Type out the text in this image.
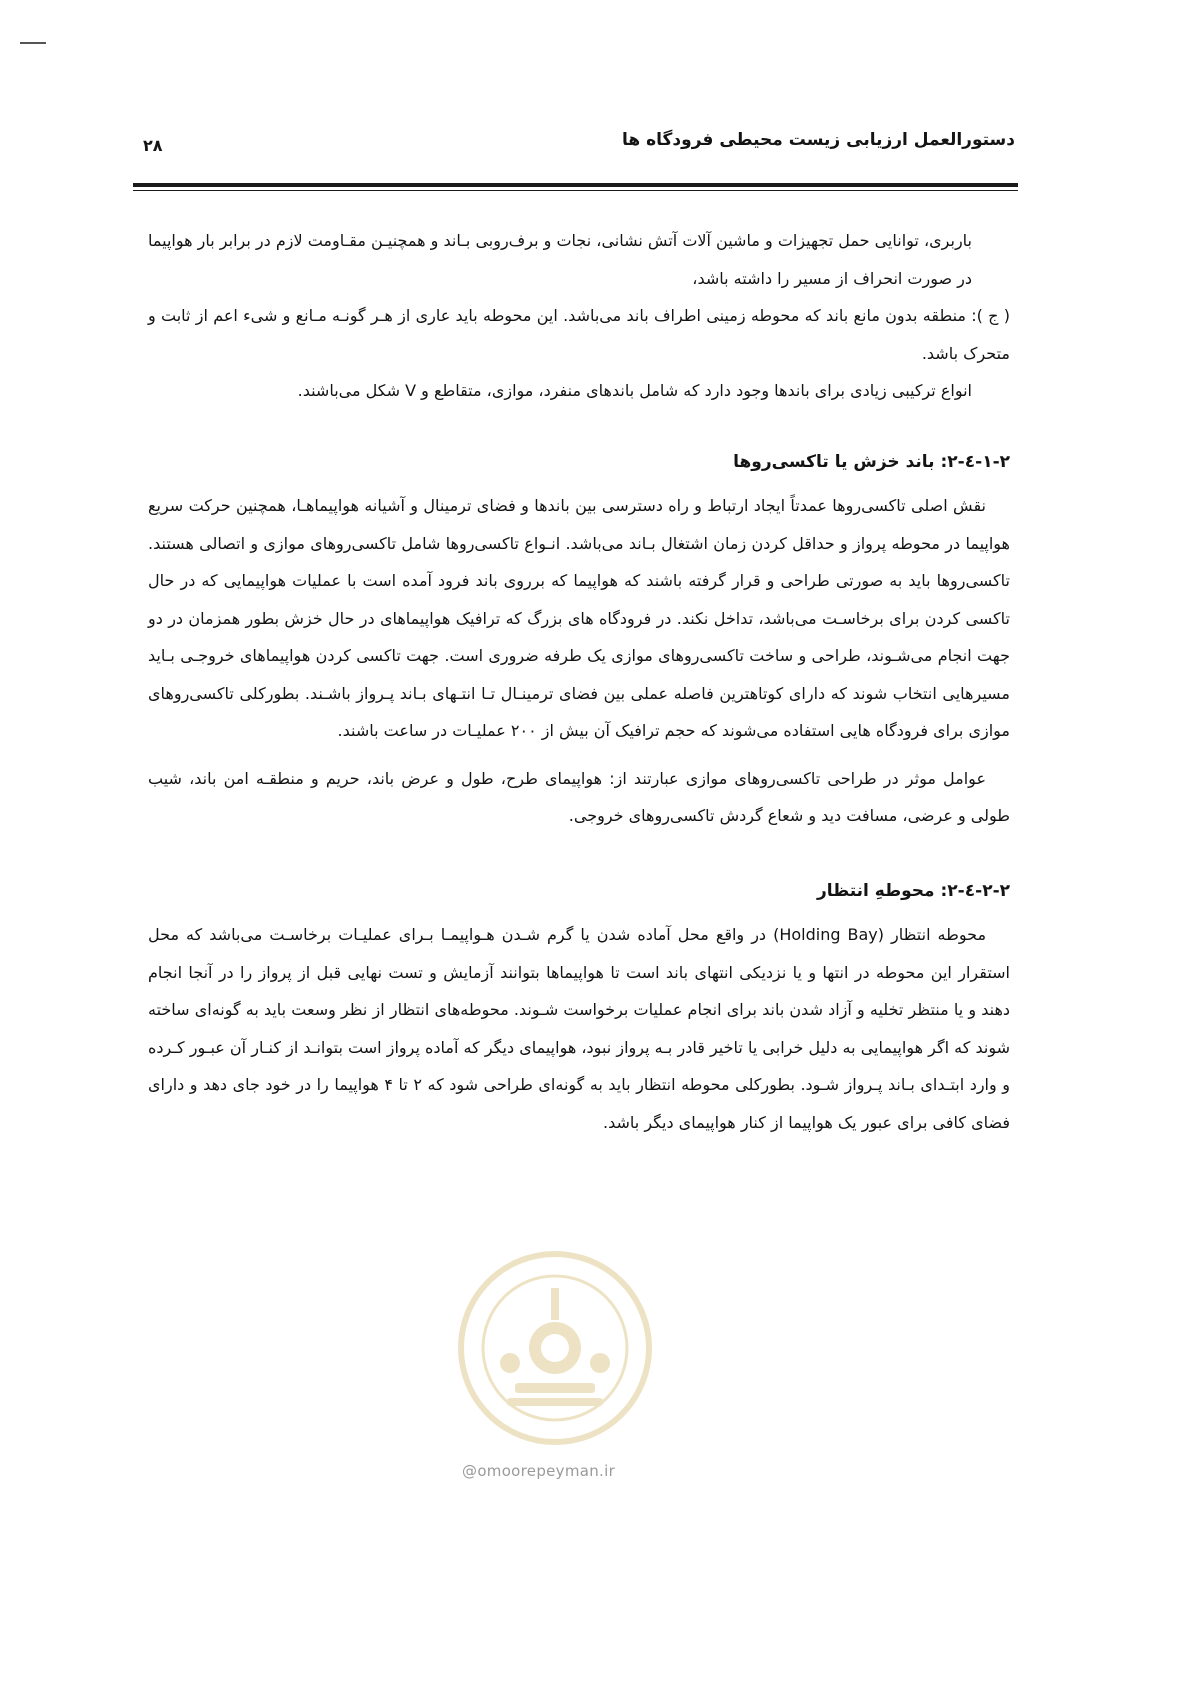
دستورالعمل ارزیابی زیست محیطی فرودگاه ها
۲۸

باربری، توانایی حمل تجهیزات و ماشین آلات آتش نشانی، نجات و برف‌روبی بـاند و همچنیـن مقـاومت لازم در برابر بار هواپیما در صورت انحراف از مسیر را داشته باشد،

( ج ): منطقه بدون مانع باند که محوطه زمینی اطراف باند می‌باشد. این محوطه باید عاری از هـر گونـه مـانع و شیء اعم از ثابت و متحرک باشد.

انواع ترکیبی زیادی برای باندها وجود دارد که شامل باندهای منفرد، موازی، متقاطع و V شکل می‌باشند.

۱-۲-٤-۲: باند خزش یا تاکسی‌روها

نقش اصلی تاکسی‌روها عمدتاً ایجاد ارتباط و راه دسترسی بین باندها و فضای ترمینال و آشیانه هواپیماهـا، همچنین حرکت سریع هواپیما در محوطه پرواز و حداقل کردن زمان اشتغال بـاند می‌باشد. انـواع تاکسی‌روها شامل تاکسی‌روهای موازی و اتصالی هستند. تاکسی‌روها باید به صورتی طراحی و قرار گرفته باشند که هواپیما که برروی باند فرود آمده است با عملیات هواپیمایی که در حال تاکسی کردن برای برخاسـت می‌باشد، تداخل نکند. در فرودگاه های بزرگ که ترافیک هواپیماهای در حال خزش بطور همزمان در دو جهت انجام می‌شـوند، طراحی و ساخت تاکسی‌روهای موازی یک طرفه ضروری است. جهت تاکسی کردن هواپیماهای خروجـی بـاید مسیرهایی انتخاب شوند که دارای کوتاهترین فاصله عملی بین فضای ترمینـال تـا انتـهای بـاند پـرواز باشـند. بطورکلی تاکسی‌روهای موازی برای فرودگاه هایی استفاده می‌شوند که حجم ترافیک آن بیش از ۲۰۰ عملیـات در ساعت باشند.

عوامل موثر در طراحی تاکسی‌روهای موازی عبارتند از: هواپیمای طرح، طول و عرض باند، حریم و منطقـه امن باند، شیب طولی و عرضی، مسافت دید و شعاع گردش تاکسی‌روهای خروجی.

۲-۲-٤-۲: محوطهِ انتظار

محوطه انتظار (Holding Bay) در واقع محل آماده شدن یا گرم شـدن هـواپیمـا بـرای عملیـات برخاسـت می‌باشد که محل استقرار این محوطه در انتها و یا نزدیکی انتهای باند است تا هواپیماها بتوانند آزمایش و تست نهایی قبل از پرواز را در آنجا انجام دهند و یا منتظر تخلیه و آزاد شدن باند برای انجام عملیات برخواست شـوند. محوطه‌های انتظار از نظر وسعت باید به گونه‌ای ساخته شوند که اگر هواپیمایی به دلیل خرابی یا تاخیر قادر بـه پرواز نبود، هواپیمای دیگر که آماده پرواز است بتوانـد از کنـار آن عبـور کـرده و وارد ابتـدای بـاند پـرواز شـود. بطورکلی محوطه انتظار باید به گونه‌ای طراحی شود که ۲ تا ۴ هواپیما را در خود جای دهد و دارای فضای کافی برای عبور یک هواپیما از کنار هواپیمای دیگر باشد.

@omoorepeyman.ir
